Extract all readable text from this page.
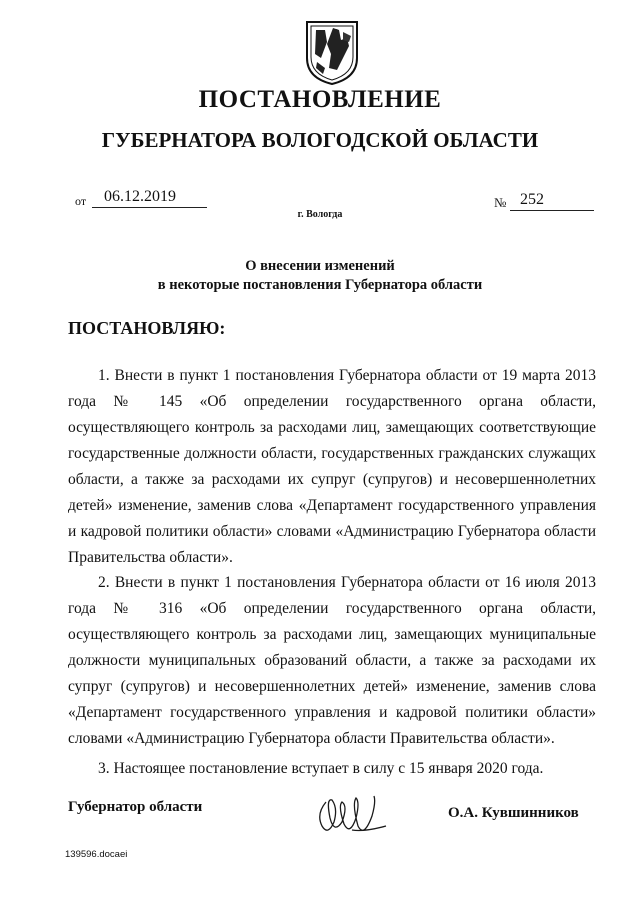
ПОСТАНОВЛЕНИЕ
ГУБЕРНАТОРА ВОЛОГОДСКОЙ ОБЛАСТИ
от	06.12.2019	№ 252
г. Вологда
О внесении изменений
в некоторые постановления Губернатора области
ПОСТАНОВЛЯЮ:
1. Внести в пункт 1 постановления Губернатора области от 19 марта 2013 года № 145 «Об определении государственного органа области, осуществляющего контроль за расходами лиц, замещающих соответствующие государственные должности области, государственных гражданских служащих области, а также за расходами их супруг (супругов) и несовершеннолетних детей» изменение, заменив слова «Департамент государственного управления и кадровой политики области» словами «Администрацию Губернатора области Правительства области».
2. Внести в пункт 1 постановления Губернатора области от 16 июля 2013 года № 316 «Об определении государственного органа области, осуществляющего контроль за расходами лиц, замещающих муниципальные должности муниципальных образований области, а также за расходами их супруг (супругов) и несовершеннолетних детей» изменение, заменив слова «Департамент государственного управления и кадровой политики области» словами «Администрацию Губернатора области Правительства области».
3. Настоящее постановление вступает в силу с 15 января 2020 года.
Губернатор области	О.А. Кувшинников
139596.docaei
